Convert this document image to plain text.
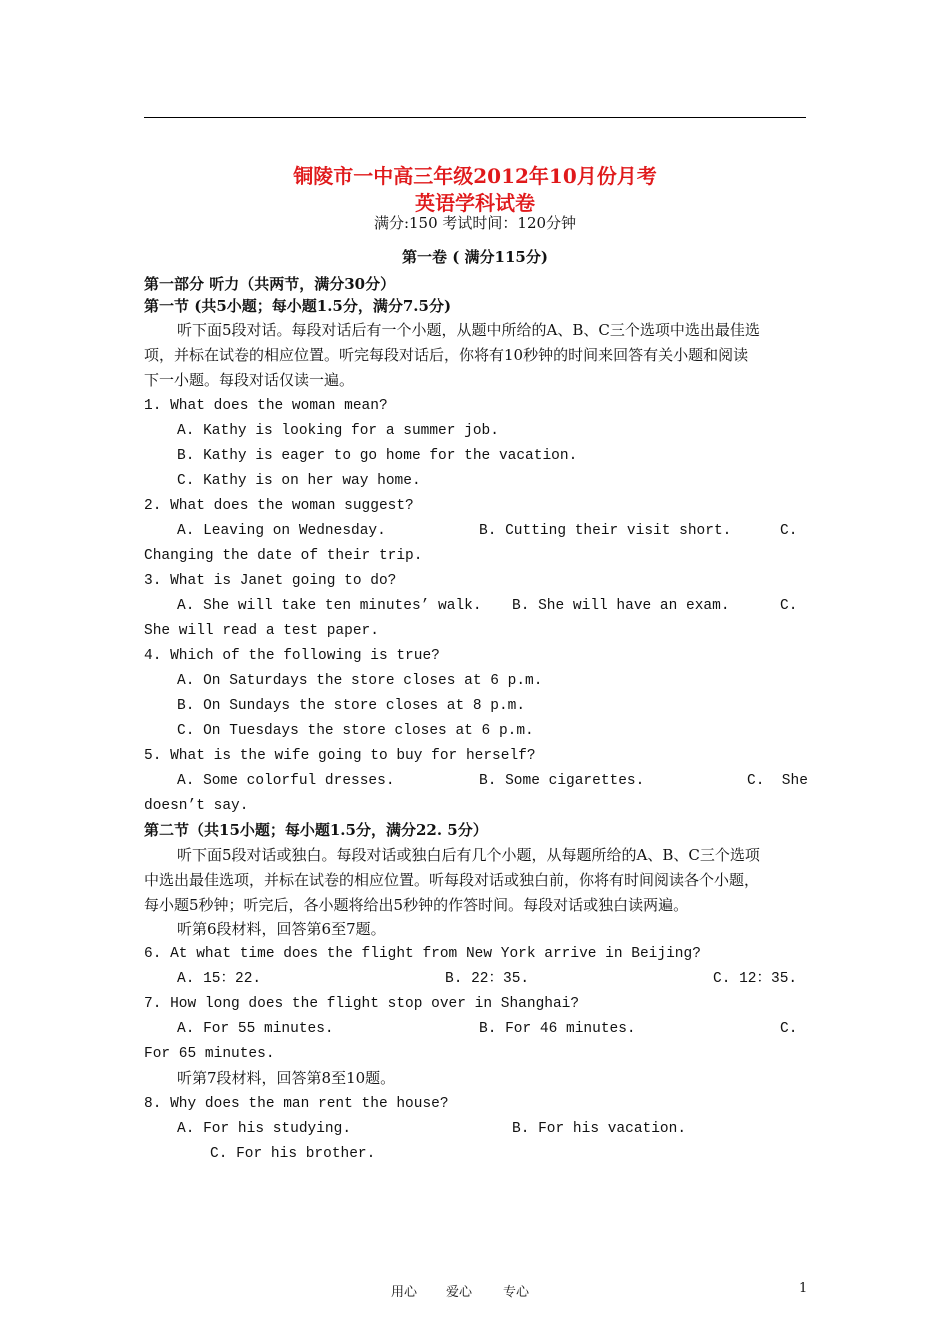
铜陵市一中高三年级2012年10月份月考
英语学科试卷
满分:150 考试时间：120分钟
第一卷 ( 满分115分)
第一部分 听力（共两节，满分30分）
第一节 (共5小题；每小题1.5分，满分7.5分)
听下面5段对话。每段对话后有一个小题，从题中所给的A、B、C三个选项中选出最佳选
项，并标在试卷的相应位置。听完每段对话后，你将有10秒钟的时间来回答有关小题和阅读
下一小题。每段对话仅读一遍。
1. What does the woman mean?
A. Kathy is looking for a summer job.
B. Kathy is eager to go home for the vacation.
C. Kathy is on her way home.
2. What does the woman suggest?
A. Leaving on Wednesday.	B. Cutting their visit short.	C.
Changing the date of their trip.
3. What is Janet going to do?
A. She will take ten minutes’ walk. B. She will have an exam.	C.
She will read a test paper.
4. Which of the following is true?
A. On Saturdays the store closes at 6 p.m.
B. On Sundays the store closes at 8 p.m.
C. On Tuesdays the store closes at 6 p.m.
5. What is the wife going to buy for herself?
A. Some colorful dresses.	B. Some cigarettes.	C.  She
doesn’t say.
第二节（共15小题；每小题1.5分，满分22. 5分）
听下面5段对话或独白。每段对话或独白后有几个小题，从每题所给的A、B、C三个选项
中选出最佳选项，并标在试卷的相应位置。听每段对话或独白前，你将有时间阅读各个小题，
每小题5秒钟；听完后，各小题将给出5秒钟的作答时间。每段对话或独白读两遍。
听第6段材料，回答第6至7题。
6. At what time does the flight from New York arrive in Beijing?
A. 15：22.	B. 22：35.	C. 12：35.
7. How long does the flight stop over in Shanghai?
A. For 55 minutes.	B. For 46 minutes.	C.
For 65 minutes.
听第7段材料，回答第8至10题。
8. Why does the man rent the house?
A. For his studying.	B. For his vacation.
C. For his brother.
用心 爱心 专心	1
